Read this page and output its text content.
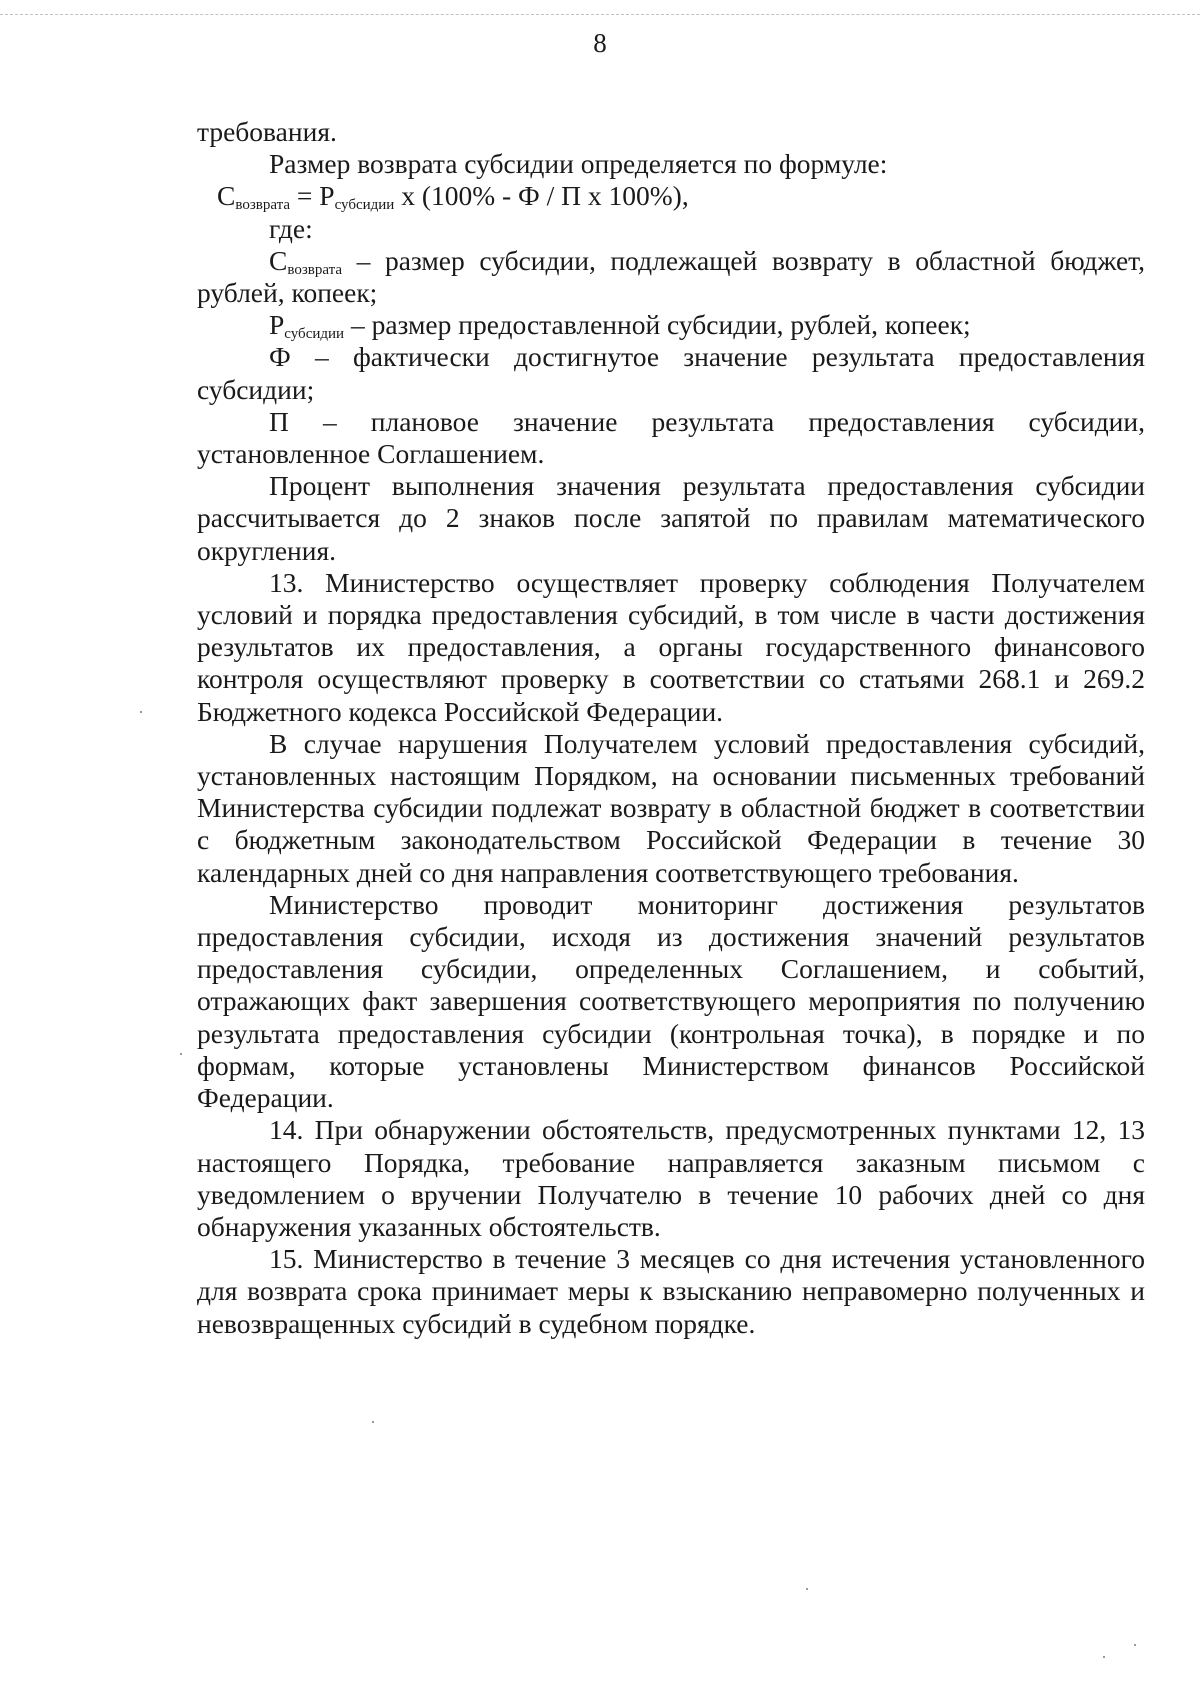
8

требования.

Размер возврата субсидии определяется по формуле:

$С_{возврата} = Р_{субсидии}$ х (100% - Ф / П х 100%),

где:

$С_{возврата}$ – размер субсидии, подлежащей возврату в областной бюджет, рублей, копеек;

$Р_{субсидии}$ – размер предоставленной субсидии, рублей, копеек;

Ф – фактически достигнутое значение результата предоставления субсидии;

П – плановое значение результата предоставления субсидии, установленное Соглашением.

Процент выполнения значения результата предоставления субсидии рассчитывается до 2 знаков после запятой по правилам математического округления.

13. Министерство осуществляет проверку соблюдения Получателем условий и порядка предоставления субсидий, в том числе в части достижения результатов их предоставления, а органы государственного финансового контроля осуществляют проверку в соответствии со статьями 268.1 и 269.2 Бюджетного кодекса Российской Федерации.

В случае нарушения Получателем условий предоставления субсидий, установленных настоящим Порядком, на основании письменных требований Министерства субсидии подлежат возврату в областной бюджет в соответствии с бюджетным законодательством Российской Федерации в течение 30 календарных дней со дня направления соответствующего требования.

Министерство проводит мониторинг достижения результатов предоставления субсидии, исходя из достижения значений результатов предоставления субсидии, определенных Соглашением, и событий, отражающих факт завершения соответствующего мероприятия по получению результата предоставления субсидии (контрольная точка), в порядке и по формам, которые установлены Министерством финансов Российской Федерации.

14. При обнаружении обстоятельств, предусмотренных пунктами 12, 13 настоящего Порядка, требование направляется заказным письмом с уведомлением о вручении Получателю в течение 10 рабочих дней со дня обнаружения указанных обстоятельств.

15. Министерство в течение 3 месяцев со дня истечения установленного для возврата срока принимает меры к взысканию неправомерно полученных и невозвращенных субсидий в судебном порядке.
